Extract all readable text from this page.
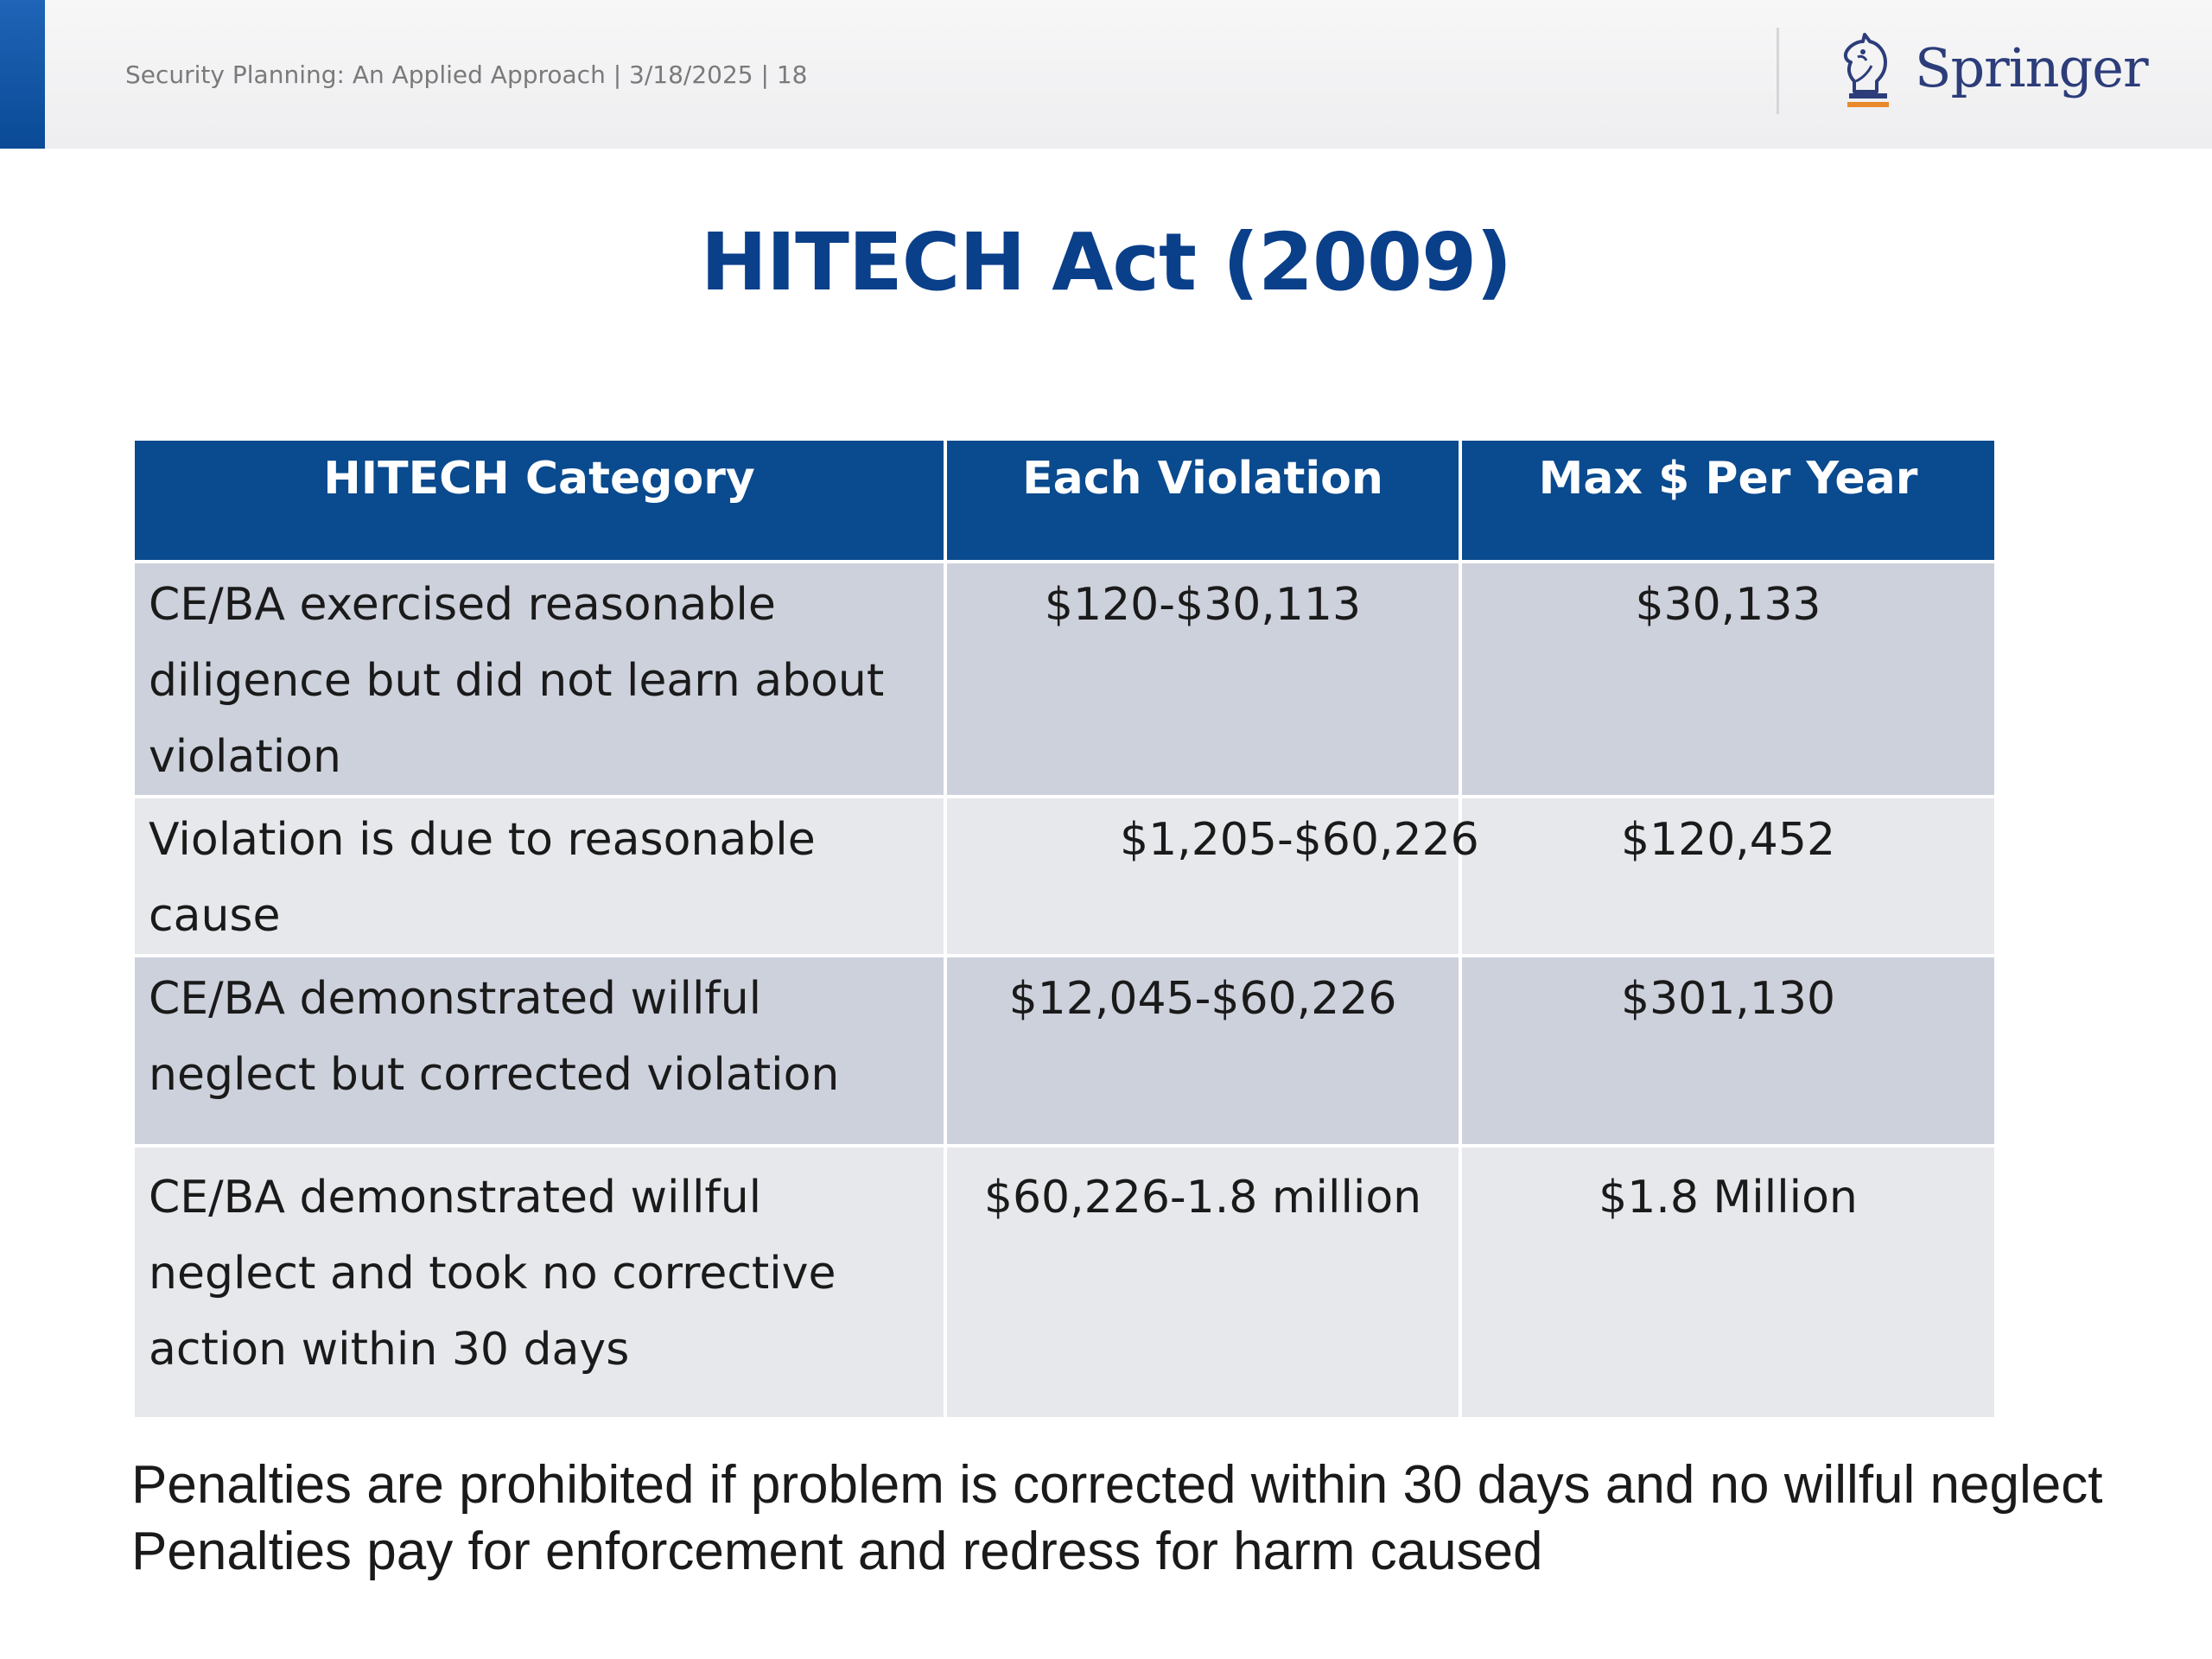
Security Planning: An Applied Approach | 3/18/2025 | 18	Springer
HITECH Act (2009)
HITECH Category	Each Violation	Max $ Per Year
CE/BA exercised reasonable diligence but did not learn about violation	$120-$30,113	$30,133
Violation is due to reasonable cause	$1,205-$60,226	$120,452
CE/BA demonstrated willful neglect but corrected violation	$12,045-$60,226	$301,130
CE/BA demonstrated willful neglect and took no corrective action within 30 days	$60,226-1.8 million	$1.8 Million
Penalties are prohibited if problem is corrected within 30 days and no willful neglect
Penalties pay for enforcement and redress for harm caused
